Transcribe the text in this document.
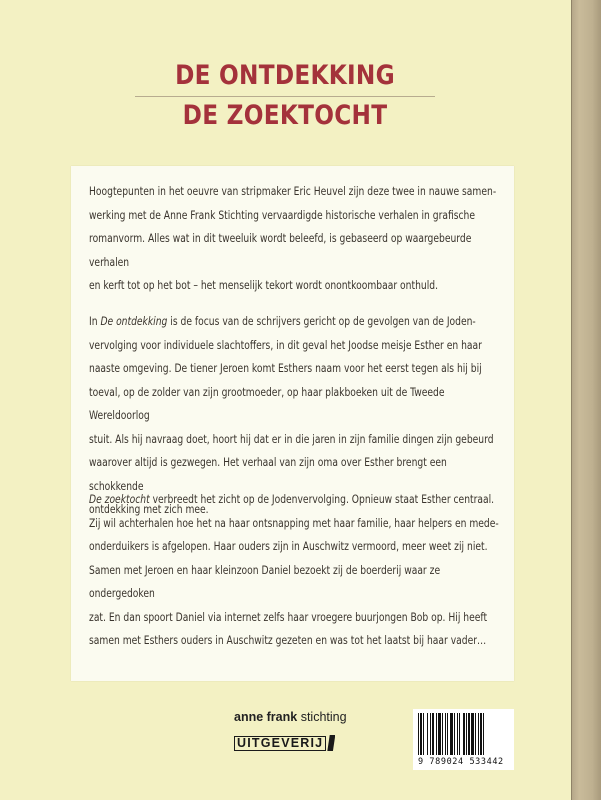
DE ONTDEKKING
DE ZOEKTOCHT
Hoogtepunten in het oeuvre van stripmaker Eric Heuvel zijn deze twee in nauwe samen-
werking met de Anne Frank Stichting vervaardigde historische verhalen in grafische
romanvorm. Alles wat in dit tweeluik wordt beleefd, is gebaseerd op waargebeurde verhalen
en kerft tot op het bot – het menselijk tekort wordt onontkoombaar onthuld.
In De ontdekking is de focus van de schrijvers gericht op de gevolgen van de Joden-
vervolging voor individuele slachtoffers, in dit geval het Joodse meisje Esther en haar
naaste omgeving. De tiener Jeroen komt Esthers naam voor het eerst tegen als hij bij
toeval, op de zolder van zijn grootmoeder, op haar plakboeken uit de Tweede Wereldoorlog
stuit. Als hij navraag doet, hoort hij dat er in die jaren in zijn familie dingen zijn gebeurd
waarover altijd is gezwegen. Het verhaal van zijn oma over Esther brengt een schokkende
ontdekking met zich mee.
De zoektocht verbreedt het zicht op de Jodenvervolging. Opnieuw staat Esther centraal.
Zij wil achterhalen hoe het na haar ontsnapping met haar familie, haar helpers en mede-
onderduikers is afgelopen. Haar ouders zijn in Auschwitz vermoord, meer weet zij niet.
Samen met Jeroen en haar kleinzoon Daniel bezoekt zij de boerderij waar ze ondergedoken
zat. En dan spoort Daniel via internet zelfs haar vroegere buurjongen Bob op. Hij heeft
samen met Esthers ouders in Auschwitz gezeten en was tot het laatst bij haar vader…
anne frank stichting
UITGEVERIJ
9 789024 533442
